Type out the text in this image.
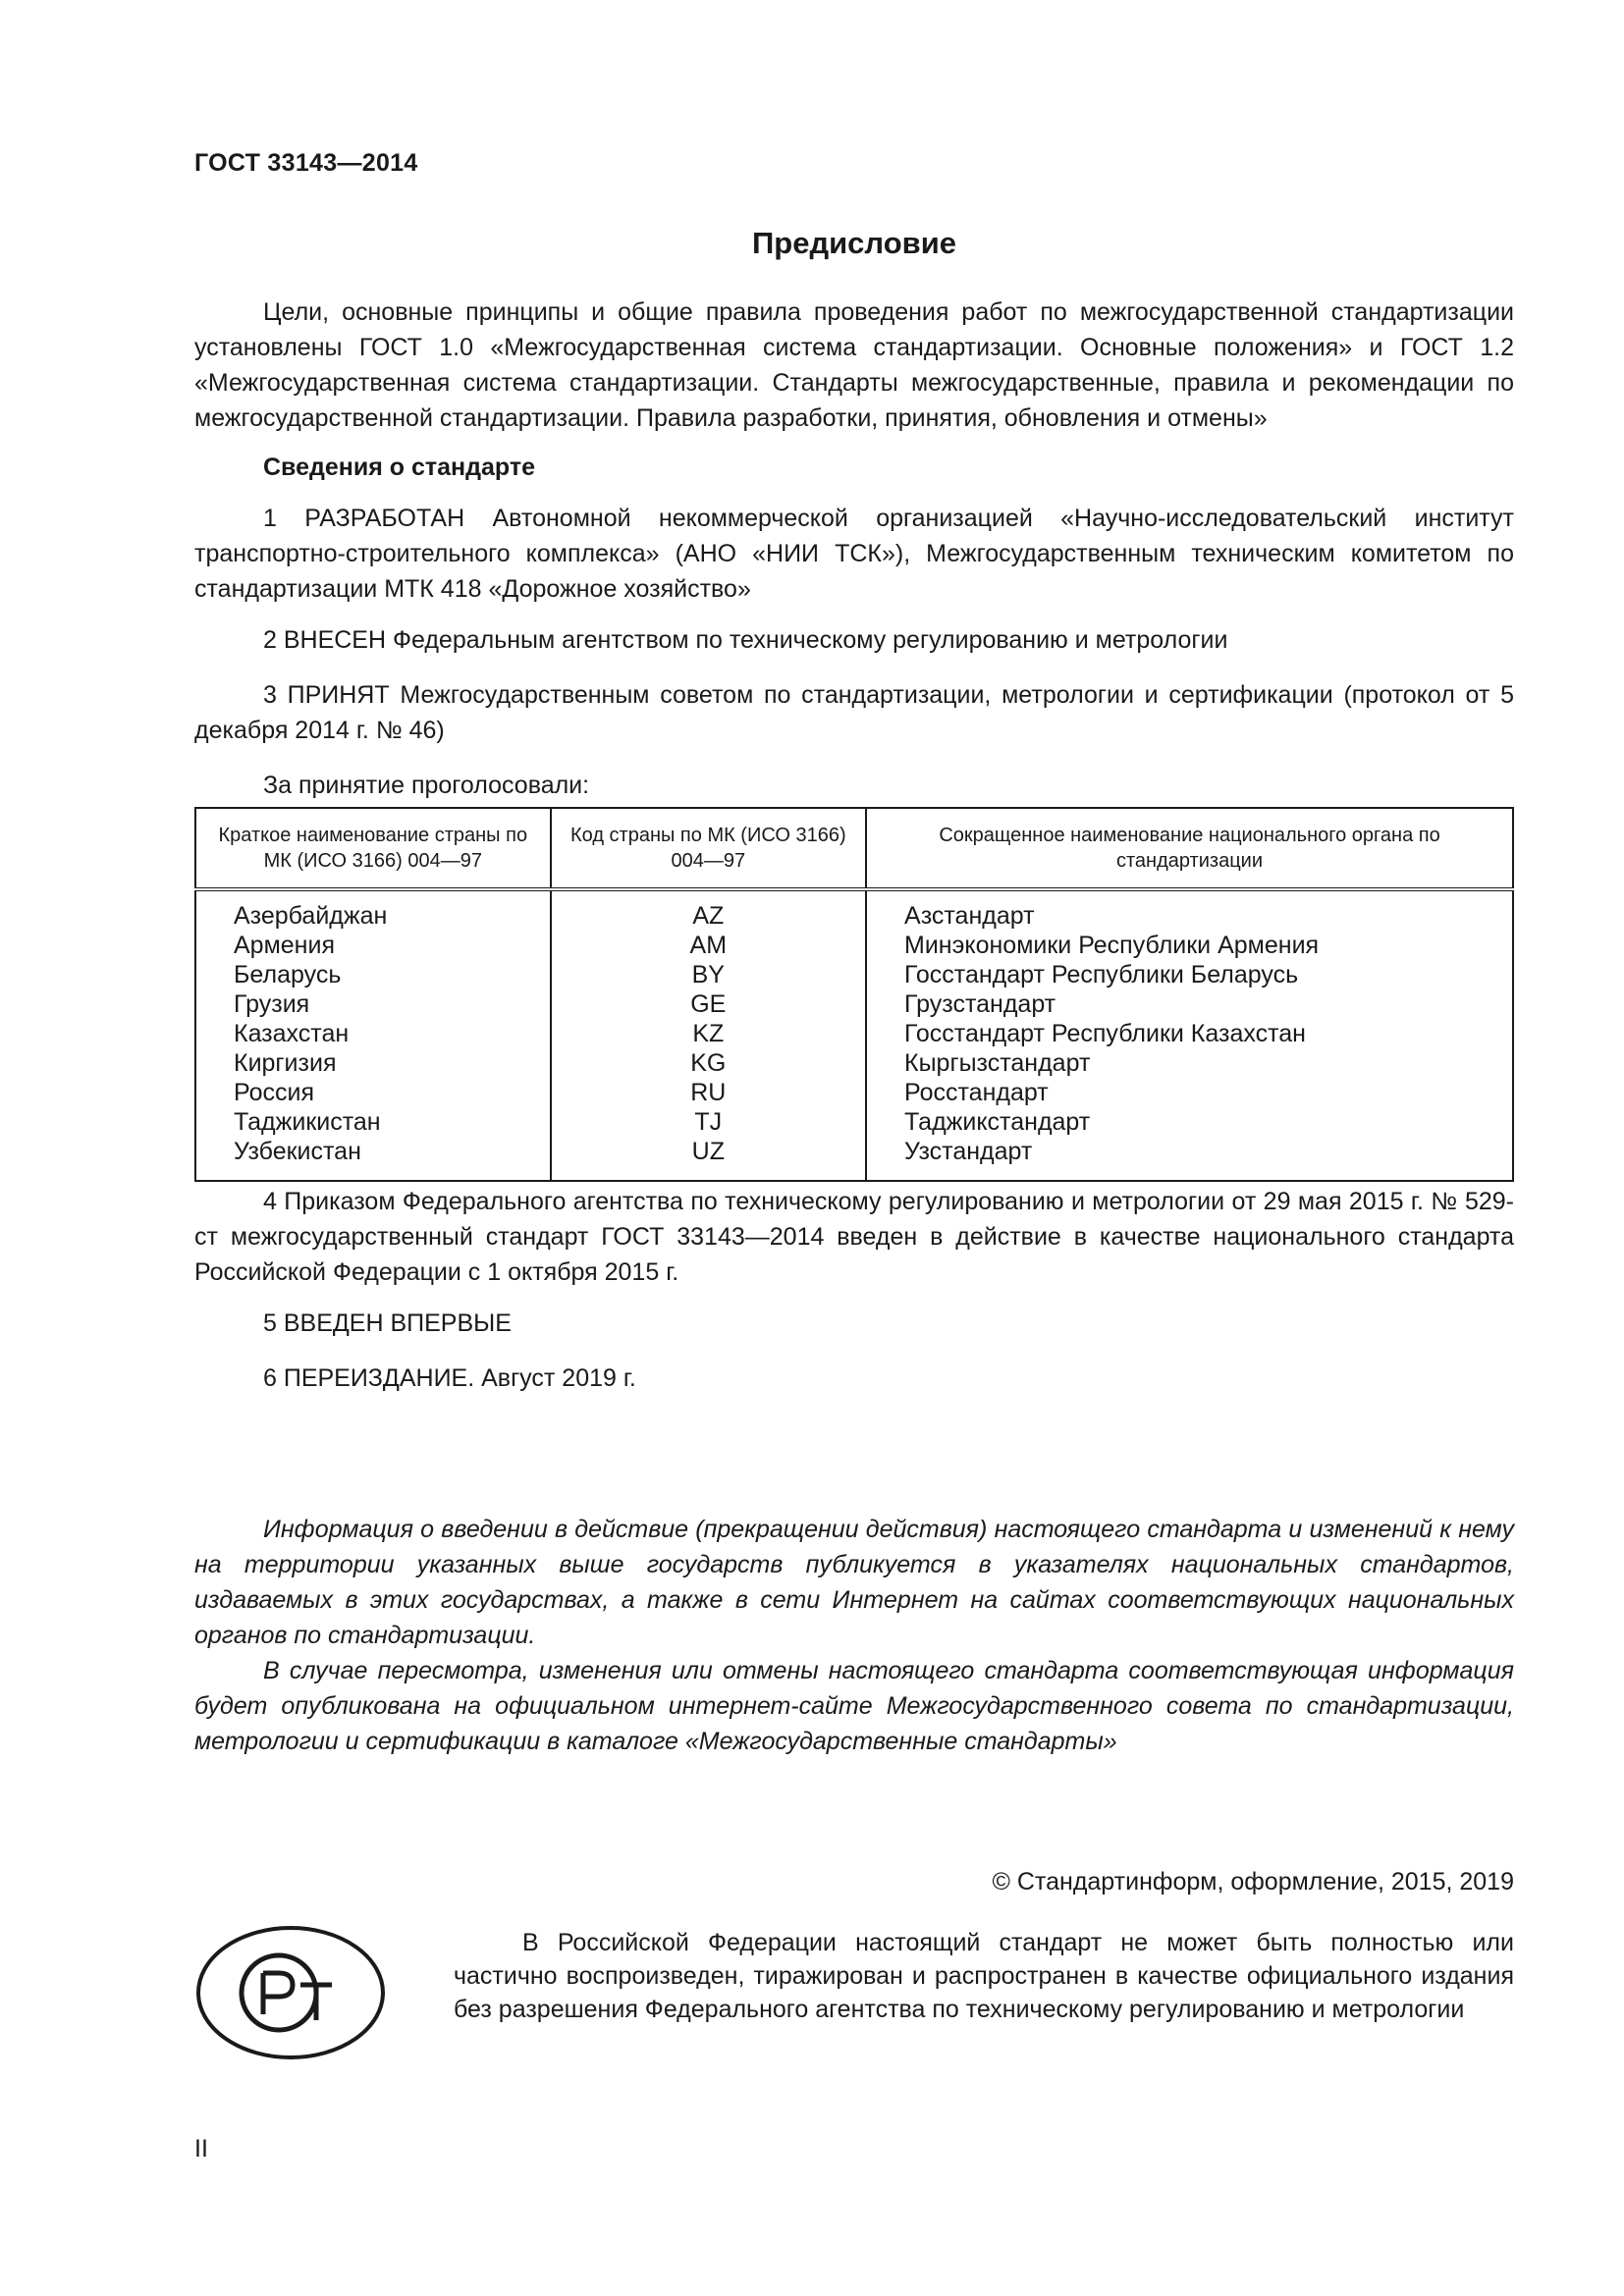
ГОСТ 33143—2014
Предисловие

Цели, основные принципы и общие правила проведения работ по межгосударственной стандартизации установлены ГОСТ 1.0 «Межгосударственная система стандартизации. Основные положения» и ГОСТ 1.2 «Межгосударственная система стандартизации. Стандарты межгосударственные, правила и рекомендации по межгосударственной стандартизации. Правила разработки, принятия, обновления и отмены»

Сведения о стандарте

1 РАЗРАБОТАН Автономной некоммерческой организацией «Научно-исследовательский институт транспортно-строительного комплекса» (АНО «НИИ ТСК»), Межгосударственным техническим комитетом по стандартизации МТК 418 «Дорожное хозяйство»

2 ВНЕСЕН Федеральным агентством по техническому регулированию и метрологии

3 ПРИНЯТ Межгосударственным советом по стандартизации, метрологии и сертификации (протокол от 5 декабря 2014 г. № 46)

За принятие проголосовали:

Краткое наименование страны по МК (ИСО 3166) 004—97	Код страны по МК (ИСО 3166) 004—97	Сокращенное наименование национального органа по стандартизации
Азербайджан	AZ	Азстандарт
Армения	AM	Минэкономики Республики Армения
Беларусь	BY	Госстандарт Республики Беларусь
Грузия	GE	Грузстандарт
Казахстан	KZ	Госстандарт Республики Казахстан
Киргизия	KG	Кыргызстандарт
Россия	RU	Росстандарт
Таджикистан	TJ	Таджикстандарт
Узбекистан	UZ	Узстандарт

4 Приказом Федерального агентства по техническому регулированию и метрологии от 29 мая 2015 г. № 529-ст межгосударственный стандарт ГОСТ 33143—2014 введен в действие в качестве национального стандарта Российской Федерации с 1 октября 2015 г.

5 ВВЕДЕН ВПЕРВЫЕ

6 ПЕРЕИЗДАНИЕ. Август 2019 г.

Информация о введении в действие (прекращении действия) настоящего стандарта и изменений к нему на территории указанных выше государств публикуется в указателях национальных стандартов, издаваемых в этих государствах, а также в сети Интернет на сайтах соответствующих национальных органов по стандартизации.

В случае пересмотра, изменения или отмены настоящего стандарта соответствующая информация будет опубликована на официальном интернет-сайте Межгосударственного совета по стандартизации, метрологии и сертификации в каталоге «Межгосударственные стандарты»

© Стандартинформ, оформление, 2015, 2019

В Российской Федерации настоящий стандарт не может быть полностью или частично воспроизведен, тиражирован и распространен в качестве официального издания без разрешения Федерального агентства по техническому регулированию и метрологии

II
